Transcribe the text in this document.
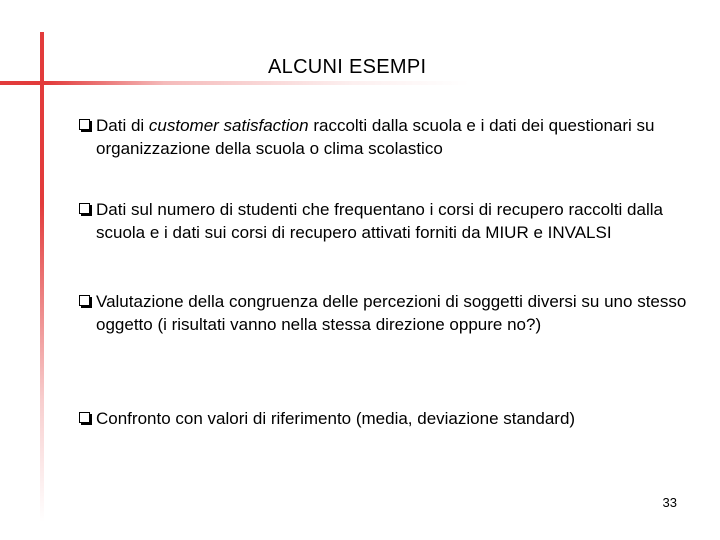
ALCUNI ESEMPI
Dati di customer satisfaction raccolti dalla scuola e i dati dei questionari su organizzazione della scuola o clima scolastico
Dati sul numero di studenti che frequentano i corsi di recupero raccolti dalla scuola e i dati sui corsi di recupero attivati forniti da MIUR e INVALSI
Valutazione della congruenza delle percezioni di soggetti diversi su uno stesso oggetto (i risultati vanno nella stessa direzione oppure no?)
Confronto con valori di riferimento (media, deviazione standard)
33
